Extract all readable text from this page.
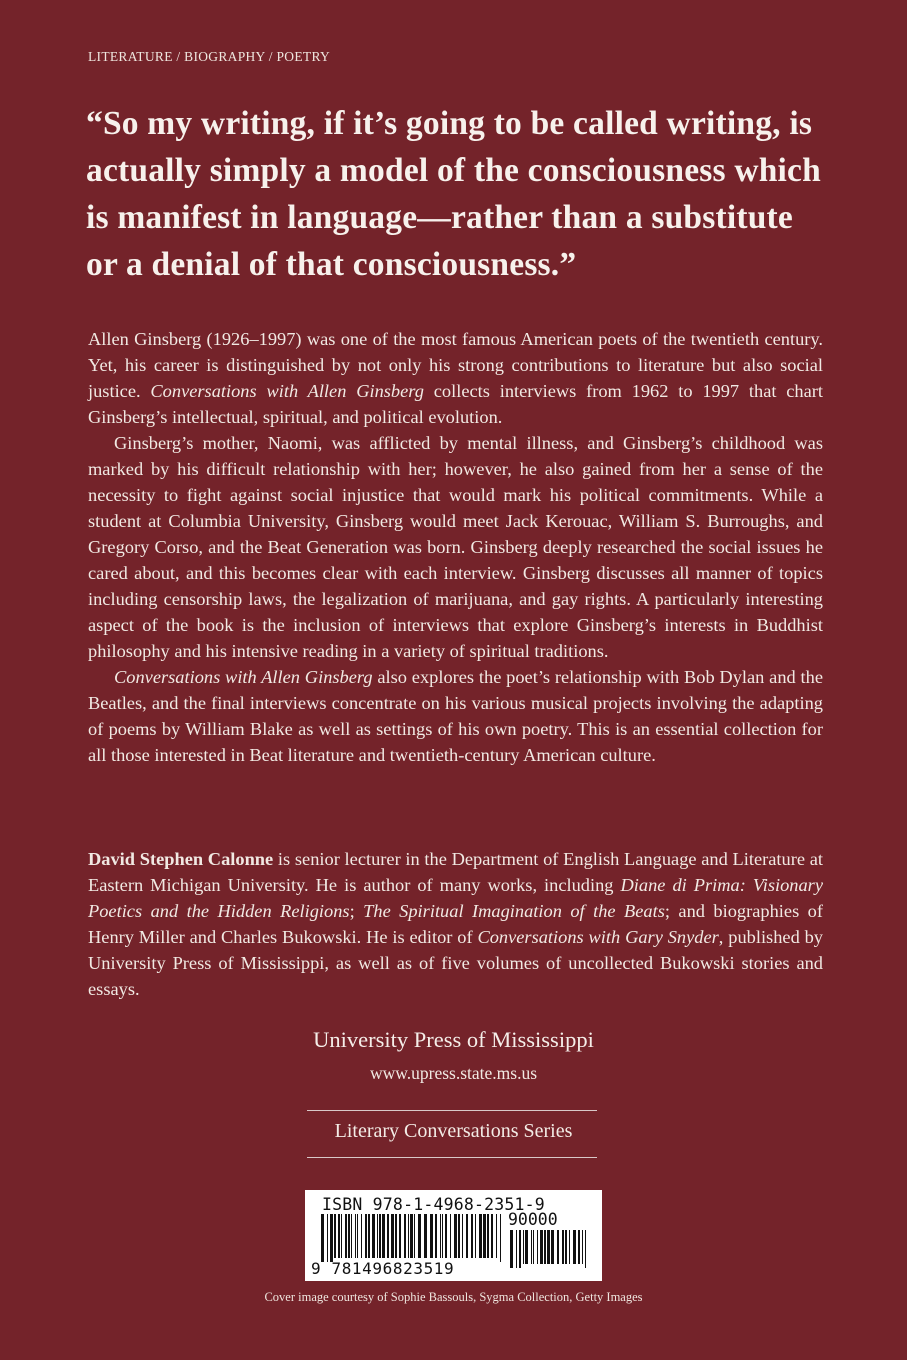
LITERATURE / BIOGRAPHY / POETRY
“So my writing, if it’s going to be called writing, is actually simply a model of the consciousness which is manifest in language—rather than a substitute or a denial of that consciousness.”

Allen Ginsberg (1926–1997) was one of the most famous American poets of the twentieth century. Yet, his career is distinguished by not only his strong contributions to literature but also social justice. Conversations with Allen Ginsberg collects interviews from 1962 to 1997 that chart Ginsberg’s intellectual, spiritual, and political evolution.

Ginsberg’s mother, Naomi, was afflicted by mental illness, and Ginsberg’s childhood was marked by his difficult relationship with her; however, he also gained from her a sense of the necessity to fight against social injustice that would mark his political commitments. While a student at Columbia University, Ginsberg would meet Jack Kerouac, William S. Burroughs, and Gregory Corso, and the Beat Generation was born. Ginsberg deeply researched the social issues he cared about, and this becomes clear with each interview. Ginsberg discusses all manner of topics including censorship laws, the legalization of marijuana, and gay rights. A particularly interesting aspect of the book is the inclusion of interviews that explore Ginsberg’s interests in Buddhist philosophy and his intensive reading in a variety of spiritual traditions.

Conversations with Allen Ginsberg also explores the poet’s relationship with Bob Dylan and the Beatles, and the final interviews concentrate on his various musical projects involving the adapting of poems by William Blake as well as settings of his own poetry. This is an essential collection for all those interested in Beat literature and twentieth-century American culture.

David Stephen Calonne is senior lecturer in the Department of English Language and Literature at Eastern Michigan University. He is author of many works, including Diane di Prima: Visionary Poetics and the Hidden Religions; The Spiritual Imagination of the Beats; and biographies of Henry Miller and Charles Bukowski. He is editor of Conversations with Gary Snyder, published by University Press of Mississippi, as well as of five volumes of uncollected Bukowski stories and essays.
University Press of Mississippi
www.upress.state.ms.us
Literary Conversations Series
ISBN 978-1-4968-2351-9
90000
9 781496823519
Cover image courtesy of Sophie Bassouls, Sygma Collection, Getty Images
